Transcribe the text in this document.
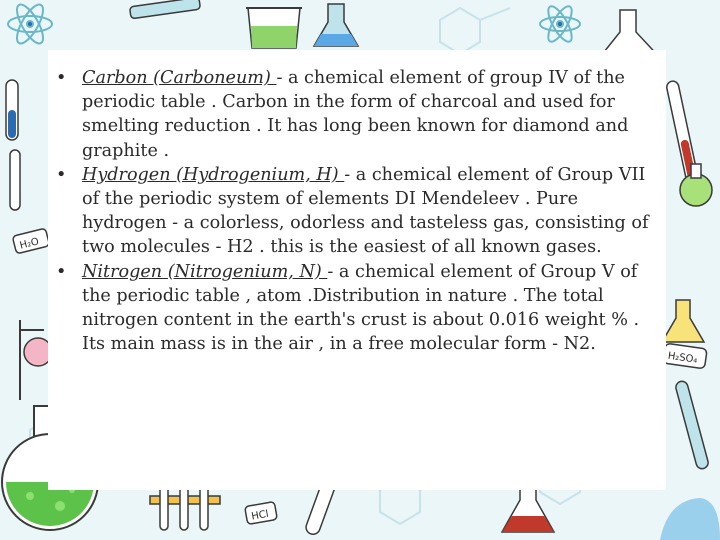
H₂SO₄
H₂O
HCl

• Carbon (Carboneum) - a chemical element of group IV of the periodic table . Carbon in the form of charcoal and used for smelting reduction . It has long been known for diamond and graphite .

• Hydrogen (Hydrogenium, H) - a chemical element of Group VII of the periodic system of elements DI Mendeleev . Pure hydrogen - a colorless, odorless and tasteless gas, consisting of two molecules - H2 . this is the easiest of all known gases.

• Nitrogen (Nitrogenium, N) - a chemical element of Group V of the periodic table , atom .Distribution in nature . The total nitrogen content in the earth's crust is about 0.016 weight % . Its main mass is in the air , in a free molecular form - N2.
